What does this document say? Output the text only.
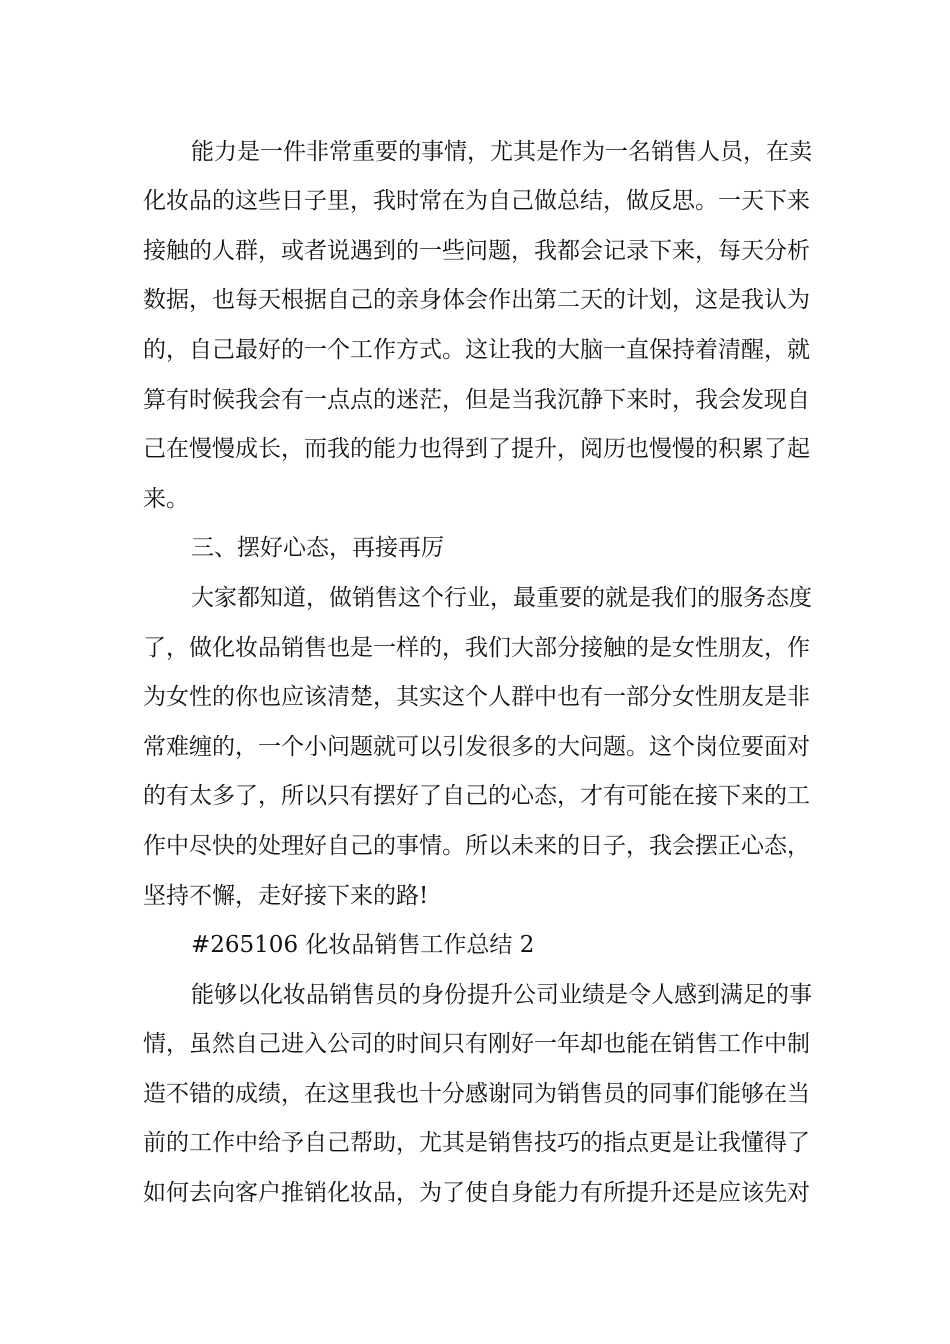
能力是一件非常重要的事情，尤其是作为一名销售人员，在卖

化妆品的这些日子里，我时常在为自己做总结，做反思。一天下来

接触的人群，或者说遇到的一些问题，我都会记录下来，每天分析

数据，也每天根据自己的亲身体会作出第二天的计划，这是我认为

的，自己最好的一个工作方式。这让我的大脑一直保持着清醒，就

算有时候我会有一点点的迷茫，但是当我沉静下来时，我会发现自

己在慢慢成长，而我的能力也得到了提升，阅历也慢慢的积累了起

来。

三、摆好心态，再接再厉

大家都知道，做销售这个行业，最重要的就是我们的服务态度

了，做化妆品销售也是一样的，我们大部分接触的是女性朋友，作

为女性的你也应该清楚，其实这个人群中也有一部分女性朋友是非

常难缠的，一个小问题就可以引发很多的大问题。这个岗位要面对

的有太多了，所以只有摆好了自己的心态，才有可能在接下来的工

作中尽快的处理好自己的事情。所以未来的日子，我会摆正心态，

坚持不懈，走好接下来的路!

#265106 化妆品销售工作总结 2

能够以化妆品销售员的身份提升公司业绩是令人感到满足的事

情，虽然自己进入公司的时间只有刚好一年却也能在销售工作中制

造不错的成绩，在这里我也十分感谢同为销售员的同事们能够在当

前的工作中给予自己帮助，尤其是销售技巧的指点更是让我懂得了

如何去向客户推销化妆品，为了使自身能力有所提升还是应该先对
